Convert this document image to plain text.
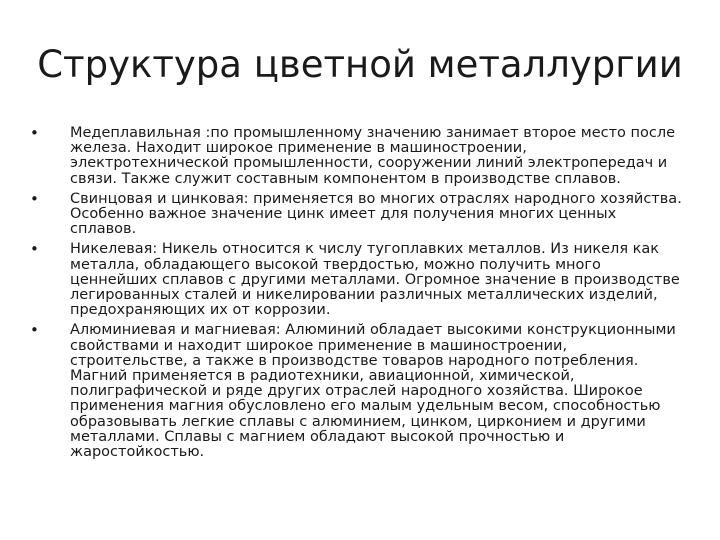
Структура цветной металлургии
•	Медеплавильная :по промышленному значению занимает второе место после железа. Находит широкое применение в машиностроении, электротехнической промышленности, сооружении линий электропередач и связи. Также служит составным компонентом в производстве сплавов.
•	Свинцовая и цинковая: применяется во многих отраслях народного хозяйства. Особенно важное значение цинк имеет для получения многих ценных сплавов.
•	Никелевая: Никель относится к числу тугоплавких металлов. Из никеля как металла, обладающего высокой твердостью, можно получить много ценнейших сплавов с другими металлами. Огромное значение в производстве легированных сталей и никелировании различных металлических изделий, предохраняющих их от коррозии.
•	Алюминиевая и магниевая: Алюминий обладает высокими конструкционными свойствами и находит широкое применение в машиностроении, строительстве, а также в производстве товаров народного потребления. Магний применяется в радиотехники, авиационной, химической, полиграфической и ряде других отраслей народного хозяйства. Широкое применения магния обусловлено его малым удельным весом, способностью образовывать легкие сплавы с алюминием, цинком, цирконием и другими металлами. Сплавы с магнием обладают высокой прочностью и жаростойкостью.
